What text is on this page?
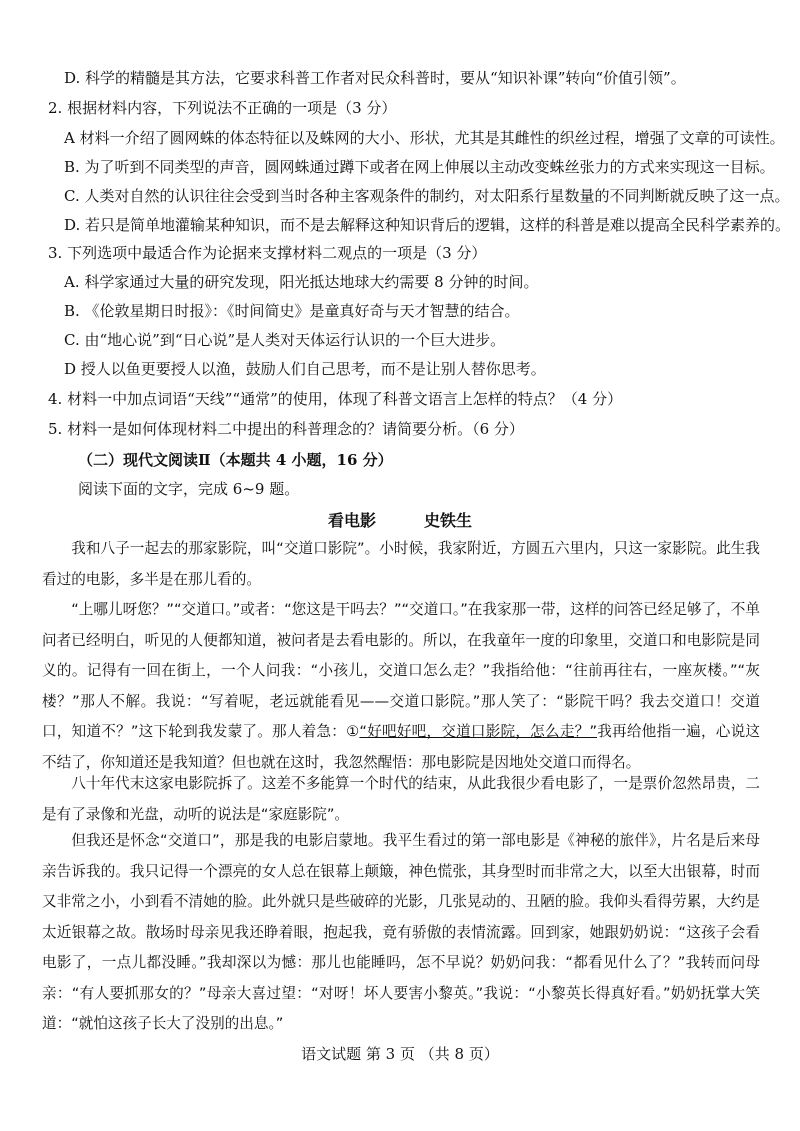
D. 科学的精髓是其方法，它要求科普工作者对民众科普时，要从“知识补课”转向“价值引领”。
2. 根据材料内容，下列说法不正确的一项是（3 分）
A 材料一介绍了圆网蛛的体态特征以及蛛网的大小、形状，尤其是其雌性的织丝过程，增强了文章的可读性。
B. 为了听到不同类型的声音，圆网蛛通过蹲下或者在网上伸展以主动改变蛛丝张力的方式来实现这一目标。
C. 人类对自然的认识往往会受到当时各种主客观条件的制约，对太阳系行星数量的不同判断就反映了这一点。
D. 若只是简单地灌输某种知识，而不是去解释这种知识背后的逻辑，这样的科普是难以提高全民科学素养的。
3. 下列选项中最适合作为论据来支撑材料二观点的一项是（3 分）
A. 科学家通过大量的研究发现，阳光抵达地球大约需要 8 分钟的时间。
B. 《伦敦星期日时报》：《时间简史》是童真好奇与天才智慧的结合。
C. 由“地心说”到“日心说”是人类对天体运行认识的一个巨大进步。
D 授人以鱼更要授人以渔，鼓励人们自己思考，而不是让别人替你思考。
4. 材料一中加点词语“天线”“通常”的使用，体现了科普文语言上怎样的特点？（4 分）
5. 材料一是如何体现材料二中提出的科普理念的？请简要分析。（6 分）
（二）现代文阅读Ⅱ（本题共 4 小题，16 分）
阅读下面的文字，完成 6~9 题。
看电影	史铁生
我和八子一起去的那家影院，叫“交道口影院”。小时候，我家附近，方圆五六里内，只这一家影院。此生我看过的电影，多半是在那儿看的。
“上哪儿呀您？”“交道口。”或者：“您这是干吗去？”“交道口。”在我家那一带，这样的问答已经足够了，不单问者已经明白，听见的人便都知道，被问者是去看电影的。所以，在我童年一度的印象里，交道口和电影院是同义的。记得有一回在街上，一个人问我：“小孩儿，交道口怎么走？”我指给他：“往前再往右，一座灰楼。”“灰楼？”那人不解。我说：“写着呢，老远就能看见——交道口影院。”那人笑了：“影院干吗？我去交道口！交道口，知道不？”这下轮到我发蒙了。那人着急：①“好吧好吧，交道口影院，怎么走？”我再给他指一遍，心说这不结了，你知道还是我知道？但也就在这时，我忽然醒悟：那电影院是因地处交道口而得名。
八十年代末这家电影院拆了。这差不多能算一个时代的结束，从此我很少看电影了，一是票价忽然昂贵，二是有了录像和光盘，动听的说法是“家庭影院”。
但我还是怀念“交道口”，那是我的电影启蒙地。我平生看过的第一部电影是《神秘的旅伴》，片名是后来母亲告诉我的。我只记得一个漂亮的女人总在银幕上颠簸，神色慌张，其身型时而非常之大，以至大出银幕，时而又非常之小，小到看不清她的脸。此外就只是些破碎的光影，几张晃动的、丑陋的脸。我仰头看得劳累，大约是太近银幕之故。散场时母亲见我还睁着眼，抱起我，竟有骄傲的表情流露。回到家，她跟奶奶说：“这孩子会看电影了，一点儿都没睡。”我却深以为憾：那儿也能睡吗，怎不早说？奶奶问我：“都看见什么了？”我转而问母亲：“有人要抓那女的？”母亲大喜过望：“对呀！坏人要害小黎英。”我说：“小黎英长得真好看。”奶奶抚掌大笑道：“就怕这孩子长大了没别的出息。”
语文试题 第 3 页 （共 8 页）
